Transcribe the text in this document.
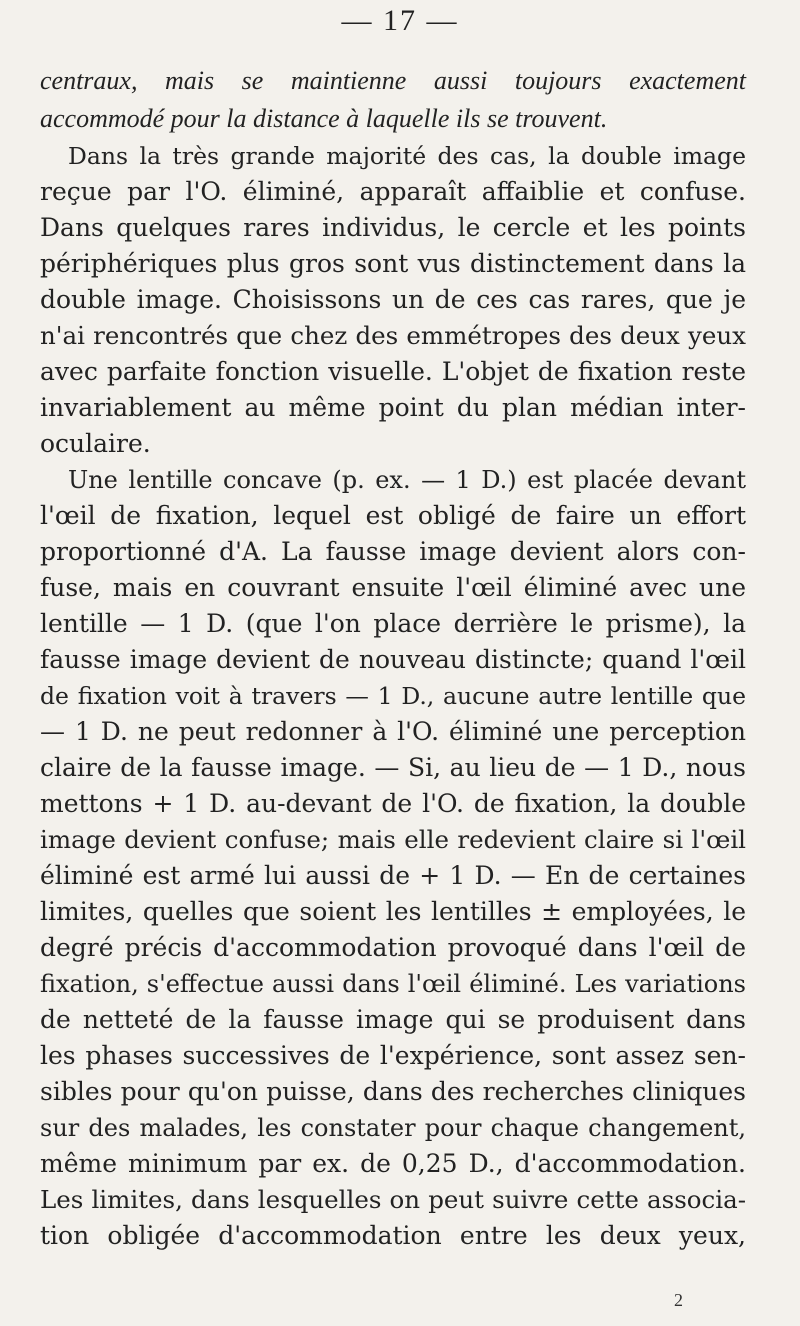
— 17 —
centraux, mais se maintienne aussi toujours exactement
accommodé pour la distance à laquelle ils se trouvent.
Dans la très grande majorité des cas, la double image
reçue par l'O. éliminé, apparaît affaiblie et confuse.
Dans quelques rares individus, le cercle et les points
périphériques plus gros sont vus distinctement dans la
double image. Choisissons un de ces cas rares, que je
n'ai rencontrés que chez des emmétropes des deux yeux
avec parfaite fonction visuelle. L'objet de fixation reste
invariablement au même point du plan médian inter-
oculaire.
Une lentille concave (p. ex. — 1 D.) est placée devant
l'œil de fixation, lequel est obligé de faire un effort
proportionné d'A. La fausse image devient alors con-
fuse, mais en couvrant ensuite l'œil éliminé avec une
lentille — 1 D. (que l'on place derrière le prisme), la
fausse image devient de nouveau distincte; quand l'œil
de fixation voit à travers — 1 D., aucune autre lentille que
— 1 D. ne peut redonner à l'O. éliminé une perception
claire de la fausse image. — Si, au lieu de — 1 D., nous
mettons + 1 D. au-devant de l'O. de fixation, la double
image devient confuse; mais elle redevient claire si l'œil
éliminé est armé lui aussi de + 1 D. — En de certaines
limites, quelles que soient les lentilles ± employées, le
degré précis d'accommodation provoqué dans l'œil de
fixation, s'effectue aussi dans l'œil éliminé. Les variations
de netteté de la fausse image qui se produisent dans
les phases successives de l'expérience, sont assez sen-
sibles pour qu'on puisse, dans des recherches cliniques
sur des malades, les constater pour chaque changement,
même minimum par ex. de 0,25 D., d'accommodation.
Les limites, dans lesquelles on peut suivre cette associa-
tion obligée d'accommodation entre les deux yeux,
2
